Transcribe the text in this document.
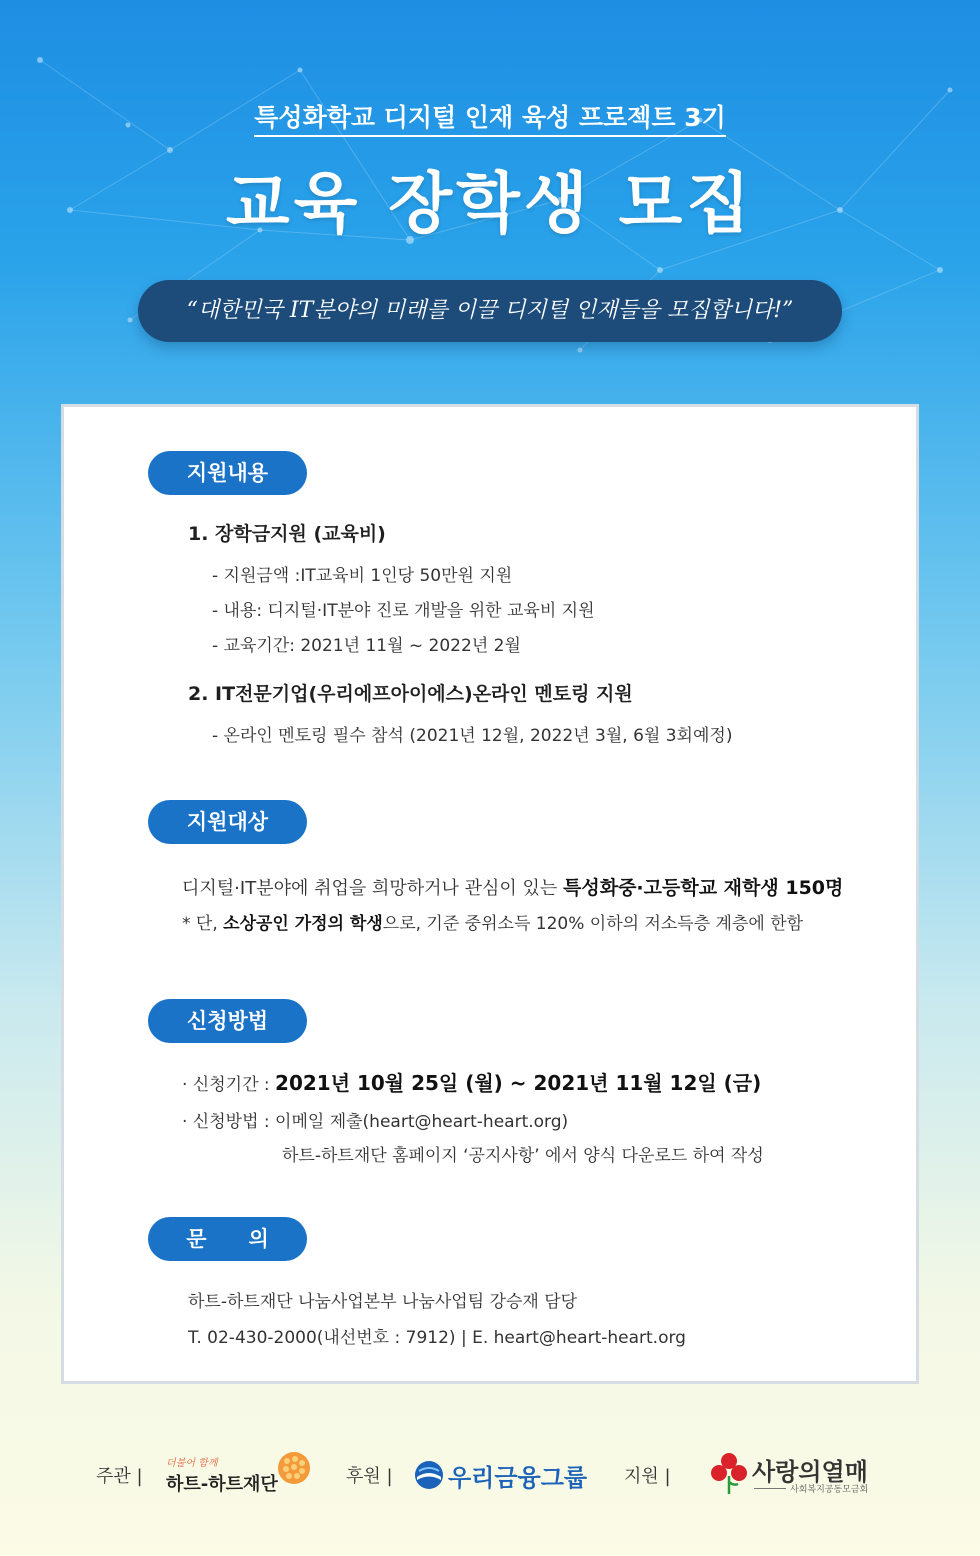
특성화학교 디지털 인재 육성 프로젝트 3기
교육 장학생 모집
“대한민국 IT분야의 미래를 이끌 디지털 인재들을 모집합니다!”
지원내용
1. 장학금지원 (교육비)
- 지원금액 :IT교육비 1인당 50만원 지원
- 내용: 디지털·IT분야 진로 개발을 위한 교육비 지원
- 교육기간: 2021년 11월 ~ 2022년 2월
2. IT전문기업(우리에프아이에스)온라인 멘토링 지원
- 온라인 멘토링 필수 참석 (2021년 12월, 2022년 3월, 6월 3회예정)
지원대상
디지털·IT분야에 취업을 희망하거나 관심이 있는 특성화중·고등학교 재학생 150명
* 단, 소상공인 가정의 학생으로, 기준 중위소득 120% 이하의 저소득층 계층에 한함
신청방법
· 신청기간 : 2021년 10월 25일 (월) ~ 2021년 11월 12일 (금)
· 신청방법 : 이메일 제출(heart@heart-heart.org)
하트-하트재단 홈페이지 ‘공지사항’ 에서 양식 다운로드 하여 작성
문　　의
하트-하트재단 나눔사업본부 나눔사업팀 강승재 담당
T. 02-430-2000(내선번호 : 7912) | E. heart@heart-heart.org
주관 |
더불어 함께
하트-하트재단	후원 | 우리금융그룹 지원 |	사랑의열매
사회복지공동모금회
